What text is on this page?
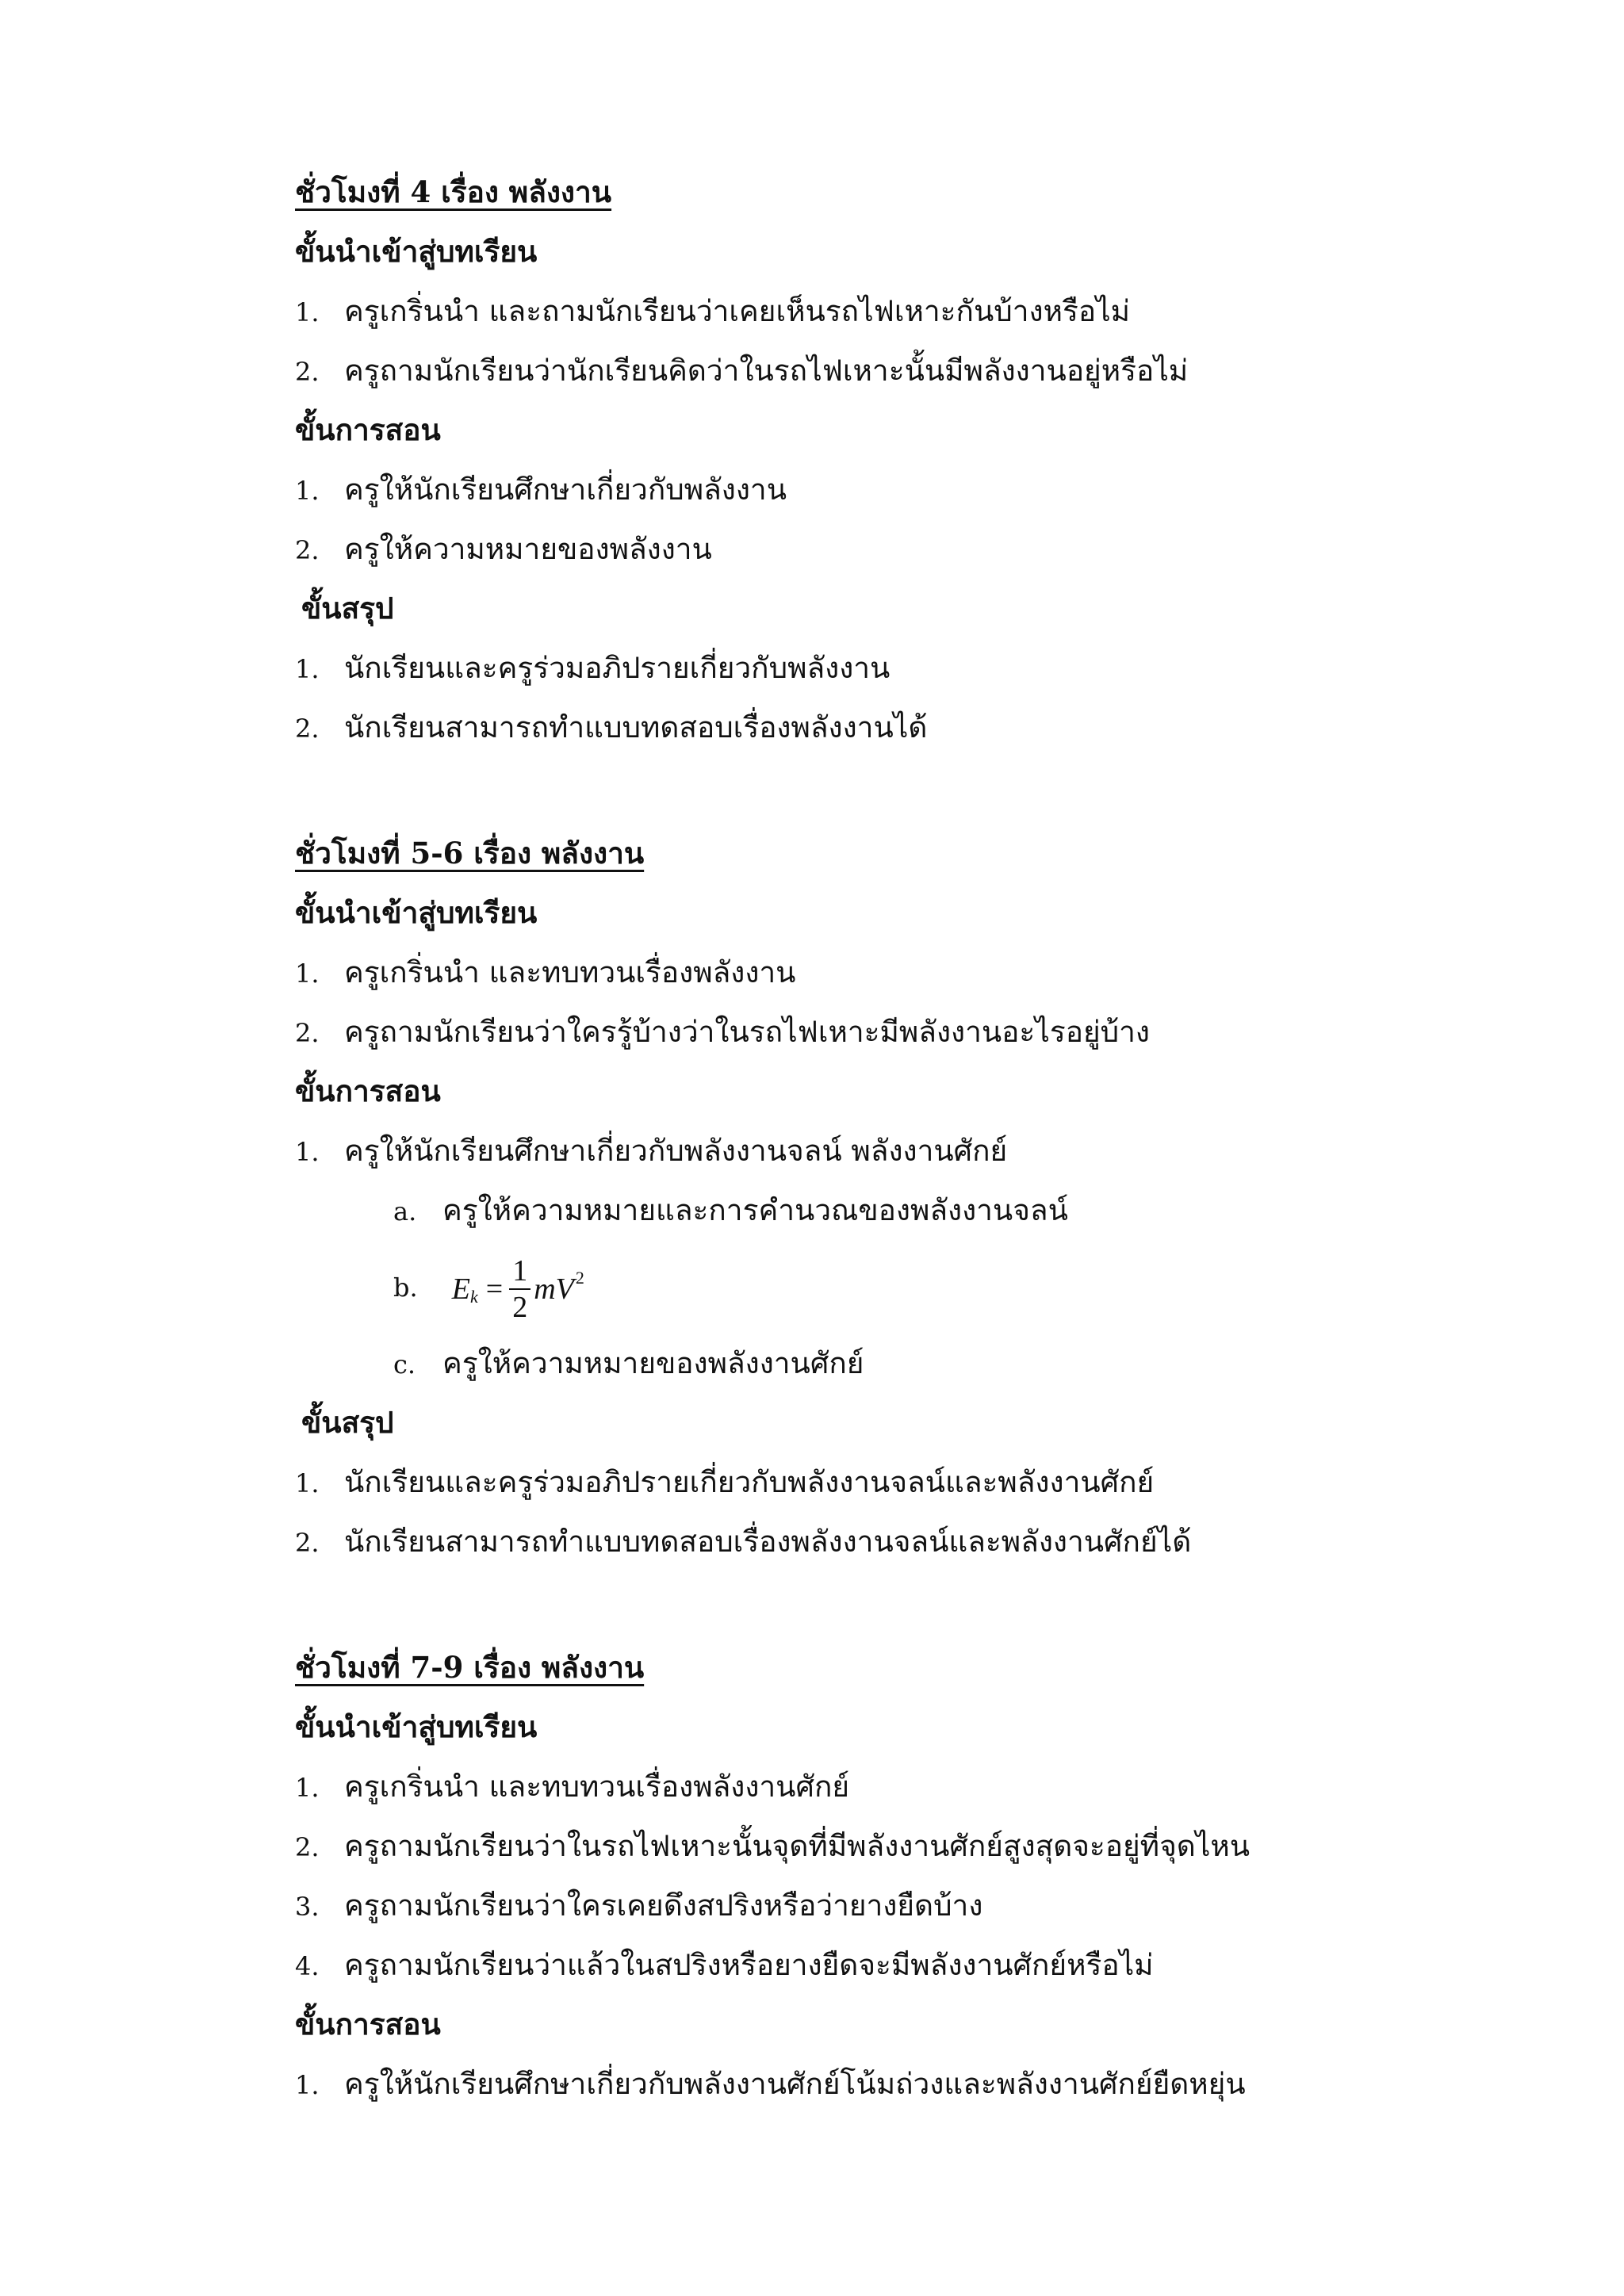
ชั่วโมงที่ 4 เรื่อง พลังงาน
ขั้นนำเข้าสู่บทเรียน
1. ครูเกริ่นนำ และถามนักเรียนว่าเคยเห็นรถไฟเหาะกันบ้างหรือไม่
2. ครูถามนักเรียนว่านักเรียนคิดว่าในรถไฟเหาะนั้นมีพลังงานอยู่หรือไม่
ขั้นการสอน
1. ครูให้นักเรียนศึกษาเกี่ยวกับพลังงาน
2. ครูให้ความหมายของพลังงาน
ขั้นสรุป
1. นักเรียนและครูร่วมอภิปรายเกี่ยวกับพลังงาน
2. นักเรียนสามารถทำแบบทดสอบเรื่องพลังงานได้
ชั่วโมงที่ 5-6 เรื่อง พลังงาน
ขั้นนำเข้าสู่บทเรียน
1. ครูเกริ่นนำ และทบทวนเรื่องพลังงาน
2. ครูถามนักเรียนว่าใครรู้บ้างว่าในรถไฟเหาะมีพลังงานอะไรอยู่บ้าง
ขั้นการสอน
1. ครูให้นักเรียนศึกษาเกี่ยวกับพลังงานจลน์ พลังงานศักย์
a. ครูให้ความหมายและการคำนวณของพลังงานจลน์
b. $E_k = \frac{1}{2} mV^2$
c. ครูให้ความหมายของพลังงานศักย์
ขั้นสรุป
1. นักเรียนและครูร่วมอภิปรายเกี่ยวกับพลังงานจลน์และพลังงานศักย์
2. นักเรียนสามารถทำแบบทดสอบเรื่องพลังงานจลน์และพลังงานศักย์ได้
ชั่วโมงที่ 7-9 เรื่อง พลังงาน
ขั้นนำเข้าสู่บทเรียน
1. ครูเกริ่นนำ และทบทวนเรื่องพลังงานศักย์
2. ครูถามนักเรียนว่าในรถไฟเหาะนั้นจุดที่มีพลังงานศักย์สูงสุดจะอยู่ที่จุดไหน
3. ครูถามนักเรียนว่าใครเคยดึงสปริงหรือว่ายางยืดบ้าง
4. ครูถามนักเรียนว่าแล้วในสปริงหรือยางยืดจะมีพลังงานศักย์หรือไม่
ขั้นการสอน
1. ครูให้นักเรียนศึกษาเกี่ยวกับพลังงานศักย์โน้มถ่วงและพลังงานศักย์ยืดหยุ่น
